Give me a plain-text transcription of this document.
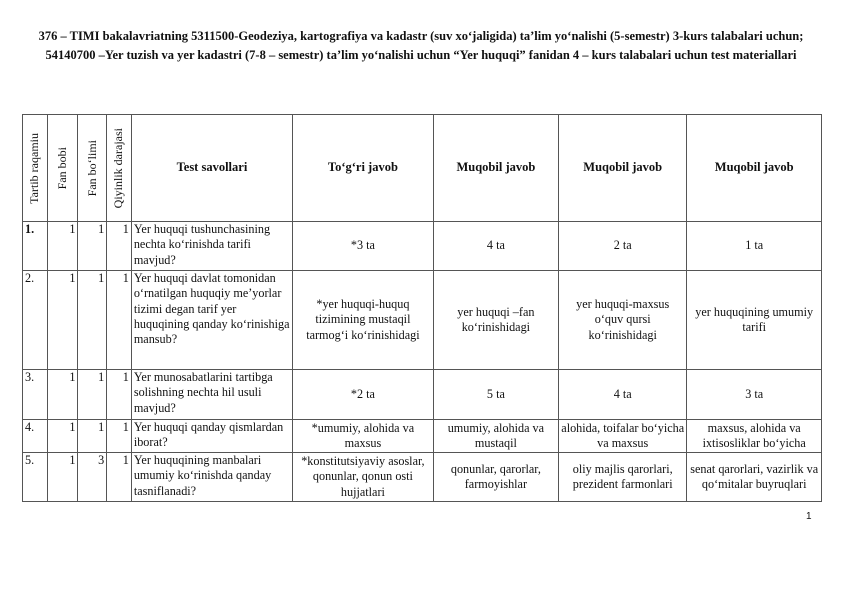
376 – TIMI bakalavriatning 5311500-Geodeziya, kartografiya va kadastr (suv xo‘jaligida) ta’lim yo‘nalishi (5-semestr) 3-kurs talabalari uchun; 54140700 –Yer tuzish va yer kadastri (7-8 – semestr) ta’lim yo‘nalishi uchun “Yer huquqi” fanidan 4 – kurs talabalari uchun test materiallari
Tartib raqamiu	Fan bobi	Fan bo‘limi	Qiyinlik darajasi	Test savollari	To‘g‘ri javob	Muqobil javob	Muqobil javob	Muqobil javob
1.	1	1	1	Yer huquqi tushunchasining nechta ko‘rinishda tarifi mavjud?	*3 ta	4 ta	2 ta	1 ta
2.	1	1	1	Yer huquqi davlat tomonidan o‘rnatilgan huquqiy me’yorlar tizimi degan tarif yer huquqining qanday ko‘rinishiga mansub?	*yer huquqi-huquq tizimining mustaqil tarmog‘i ko‘rinishidagi	yer huquqi –fan ko‘rinishidagi	yer huquqi-maxsus o‘quv qursi ko‘rinishidagi	yer huquqining umumiy tarifi
3.	1	1	1	Yer munosabatlarini tartibga solishning nechta hil usuli mavjud?	*2 ta	5 ta	4 ta	3 ta
4.	1	1	1	Yer huquqi qanday qismlardan iborat?	*umumiy, alohida va maxsus	umumiy, alohida va mustaqil	alohida, toifalar bo‘yicha va maxsus	maxsus, alohida va ixtisosliklar bo‘yicha
5.	1	3	1	Yer huquqining manbalari umumiy ko‘rinishda qanday tasniflanadi?	*konstitutsiyaviy asoslar, qonunlar, qonun osti hujjatlari	qonunlar, qarorlar, farmoyishlar	oliy majlis qarorlari, prezident farmonlari	senat qarorlari, vazirlik va qo‘mitalar buyruqlari
1
